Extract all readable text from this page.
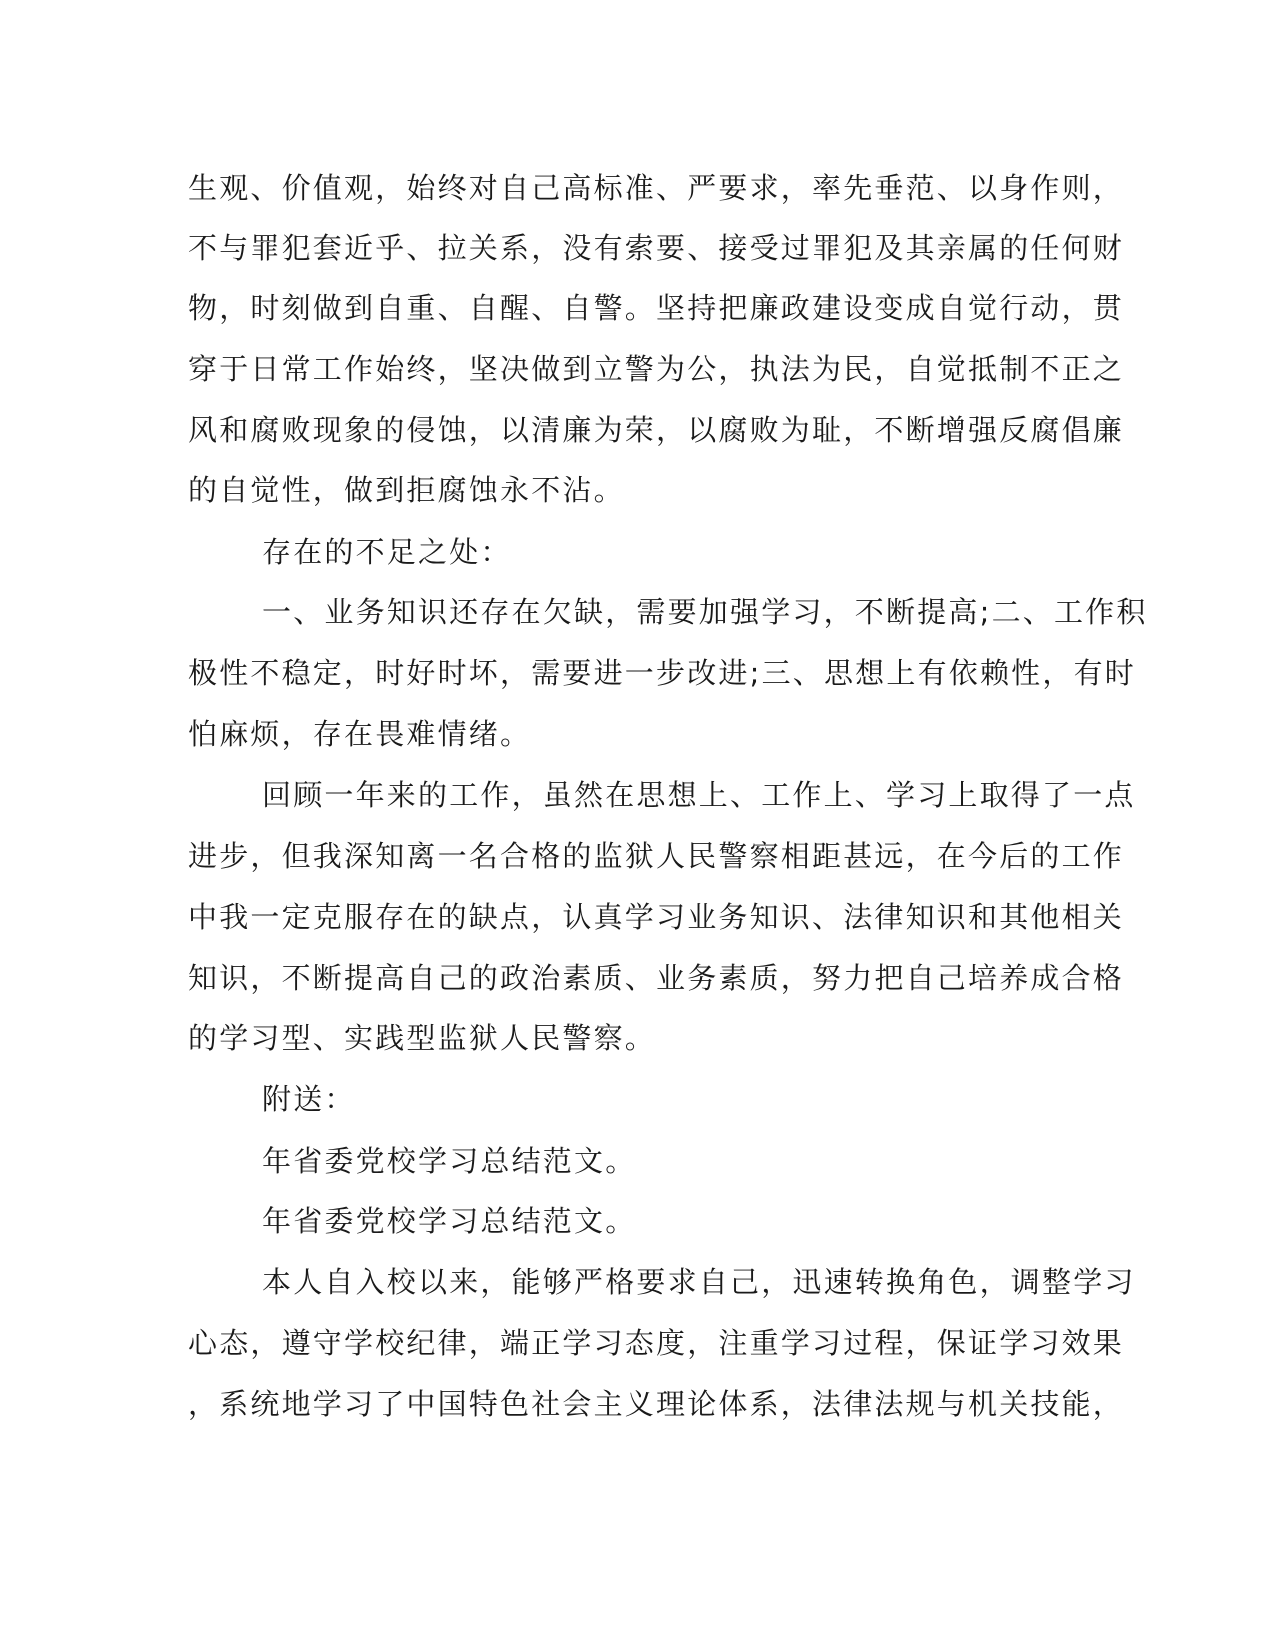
生观、价值观，始终对自己高标准、严要求，率先垂范、以身作则，

不与罪犯套近乎、拉关系，没有索要、接受过罪犯及其亲属的任何财

物，时刻做到自重、自醒、自警。坚持把廉政建设变成自觉行动，贯

穿于日常工作始终，坚决做到立警为公，执法为民，自觉抵制不正之

风和腐败现象的侵蚀，以清廉为荣，以腐败为耻，不断增强反腐倡廉

的自觉性，做到拒腐蚀永不沾。

存在的不足之处：

一、业务知识还存在欠缺，需要加强学习，不断提高;二、工作积

极性不稳定，时好时坏，需要进一步改进;三、思想上有依赖性，有时

怕麻烦，存在畏难情绪。

回顾一年来的工作，虽然在思想上、工作上、学习上取得了一点

进步，但我深知离一名合格的监狱人民警察相距甚远，在今后的工作

中我一定克服存在的缺点，认真学习业务知识、法律知识和其他相关

知识，不断提高自己的政治素质、业务素质，努力把自己培养成合格

的学习型、实践型监狱人民警察。

附送：

年省委党校学习总结范文。

年省委党校学习总结范文。

本人自入校以来，能够严格要求自己，迅速转换角色，调整学习

心态，遵守学校纪律，端正学习态度，注重学习过程，保证学习效果

，系统地学习了中国特色社会主义理论体系，法律法规与机关技能，
